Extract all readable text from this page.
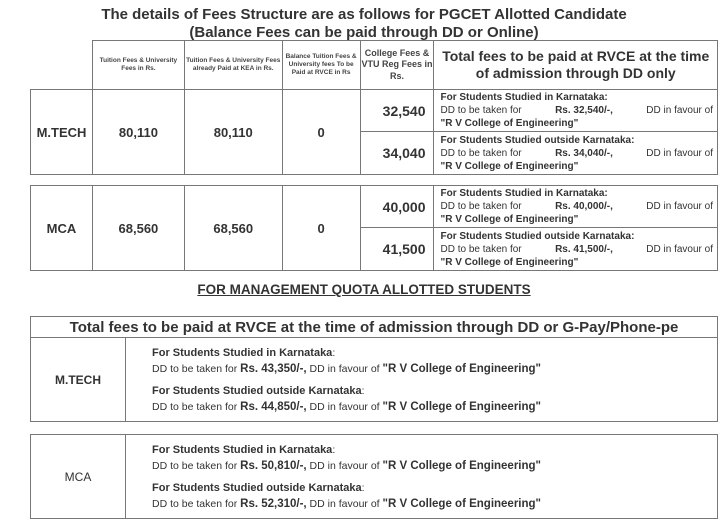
The details of Fees Structure are as follows for PGCET Allotted Candidate
(Balance Fees can be paid through DD or Online)
	Tuition Fees & University Fees in Rs.	Tuition Fees & University Fees already Paid at KEA in Rs.	Balance Tuition Fees & University fees To be Paid at RVCE in Rs	College Fees & VTU Reg Fees in Rs.	Total fees to be paid at RVCE at the time of admission through DD only
M.TECH	80,110	80,110	0	32,540	For Students Studied in Karnataka:
DD to be taken for Rs. 32,540/-, DD in favour of
"R V College of Engineering"

				34,040	For Students Studied outside Karnataka:
DD to be taken for Rs. 34,040/-, DD in favour of
"R V College of Engineering"

MCA	68,560	68,560	0	40,000	For Students Studied in Karnataka:
DD to be taken for Rs. 40,000/-, DD in favour of
"R V College of Engineering"

				41,500	For Students Studied outside Karnataka:
DD to be taken for Rs. 41,500/-, DD in favour of
"R V College of Engineering"
FOR MANAGEMENT QUOTA ALLOTTED STUDENTS
Total fees to be paid at RVCE at the time of admission through DD or G-Pay/Phone-pe
M.TECH	
For Students Studied in Karnataka:
DD to be taken for Rs. 43,350/-, DD in favour of "R V College of Engineering"
For Students Studied outside Karnataka:
DD to be taken for Rs. 44,850/-, DD in favour of "R V College of Engineering"
MCA	
For Students Studied in Karnataka:
DD to be taken for Rs. 50,810/-, DD in favour of "R V College of Engineering"
For Students Studied outside Karnataka:
DD to be taken for Rs. 52,310/-, DD in favour of "R V College of Engineering"
